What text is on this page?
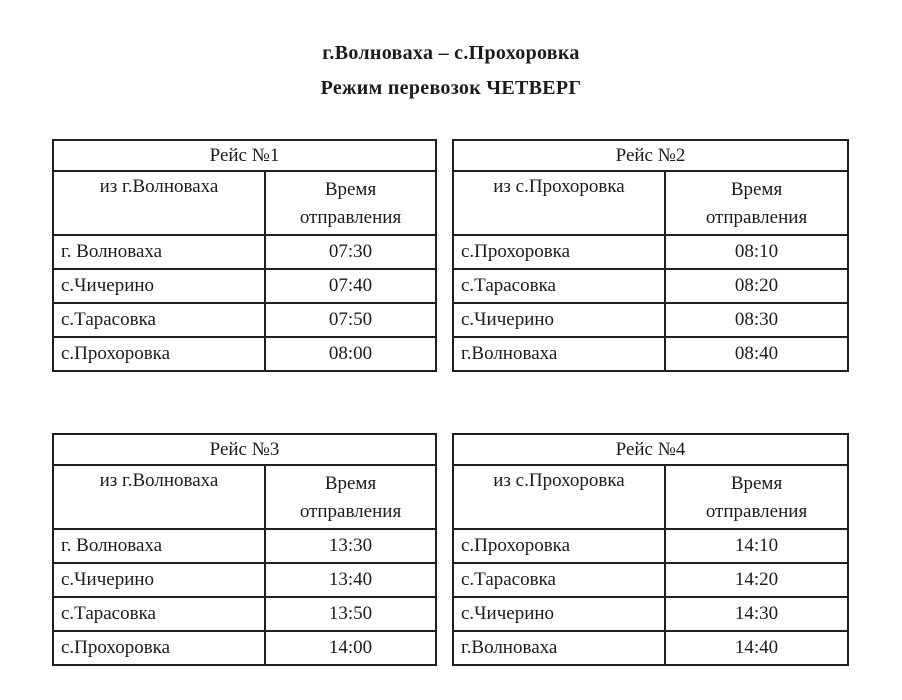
г.Волноваха – с.Прохоровка
Режим перевозок ЧЕТВЕРГ
Рейс №1	
из г.Волноваха	Время
отправления

г. Волноваха	07:30
с.Чичерино	07:40
с.Тарасовка	07:50
с.Прохоровка	08:00
Рейс №2	
из с.Прохоровка	Время
отправления

с.Прохоровка	08:10
с.Тарасовка	08:20
с.Чичерино	08:30
г.Волноваха	08:40
Рейс №3	
из г.Волноваха	Время
отправления

г. Волноваха	13:30
с.Чичерино	13:40
с.Тарасовка	13:50
с.Прохоровка	14:00
Рейс №4	
из с.Прохоровка	Время
отправления

с.Прохоровка	14:10
с.Тарасовка	14:20
с.Чичерино	14:30
г.Волноваха	14:40
